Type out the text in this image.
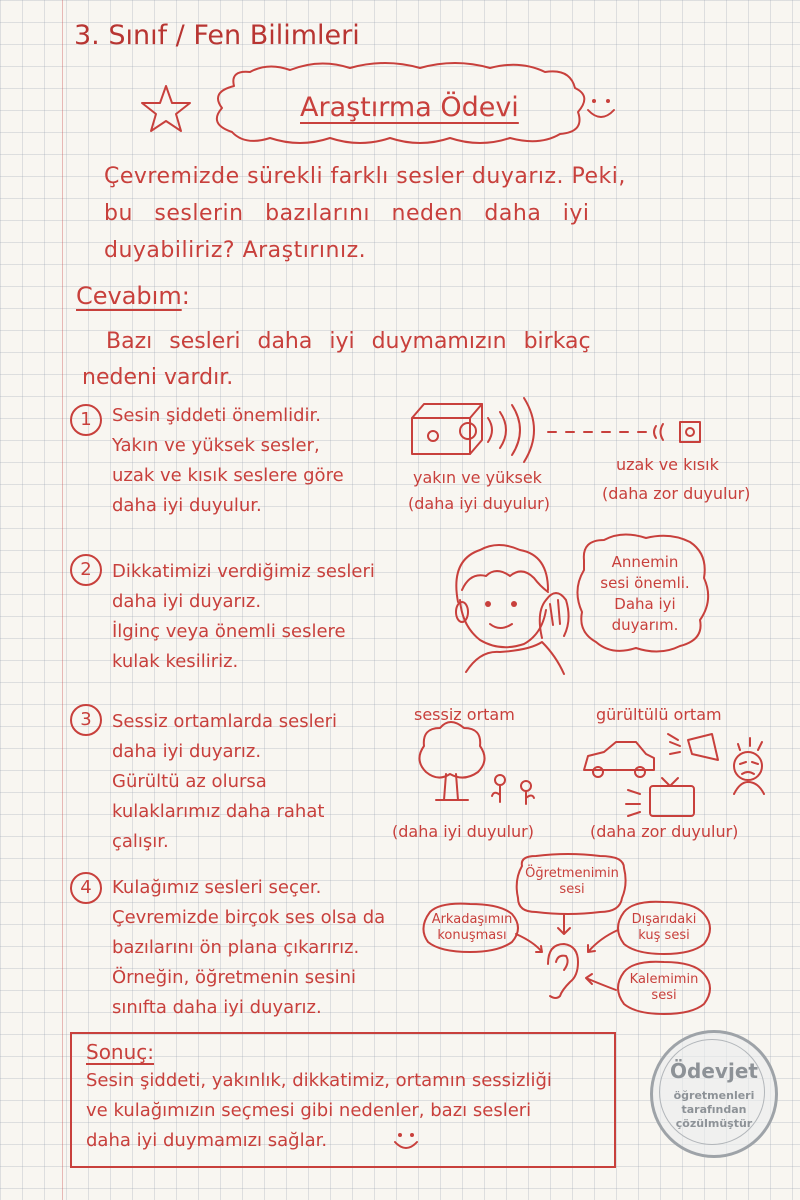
3. Sınıf / Fen Bilimleri
Araştırma Ödevi
Çevremizde sürekli farklı sesler duyarız. Peki,
bu seslerin bazılarını neden daha iyi
duyabiliriz? Araştırınız.
Cevabım:
Bazı sesleri daha iyi duymamızın birkaç
nedeni vardır.
1	Sesin şiddeti önemlidir.
Yakın ve yüksek sesler,
uzak ve kısık seslere göre
daha iyi duyulur.
yakın ve yüksek
(daha iyi duyulur)
uzak ve kısık
(daha zor duyulur)
2	Dikkatimizi verdiğimiz sesleri
daha iyi duyarız.
İlginç veya önemli seslere
kulak kesiliriz.
Annemin
sesi önemli.
Daha iyi
duyarım.
3	Sessiz ortamlarda sesleri
daha iyi duyarız.
Gürültü az olursa
kulaklarımız daha rahat
çalışır.
sessiz ortam	gürültülü ortam
(daha iyi duyulur)	(daha zor duyulur)
4	Kulağımız sesleri seçer.
Çevremizde birçok ses olsa da
bazılarını ön plana çıkarırız.
Örneğin, öğretmenin sesini
sınıfta daha iyi duyarız.
Öğretmenimin
sesi
Arkadaşımın
konuşması
Dışarıdaki
kuş sesi
Kalemimin
sesi
Sonuç:
Sesin şiddeti, yakınlık, dikkatimiz, ortamın sessizliği
ve kulağımızın seçmesi gibi nedenler, bazı sesleri
daha iyi duymamızı sağlar.
Ödevjet
öğretmenleri
tarafından
çözülmüştür
